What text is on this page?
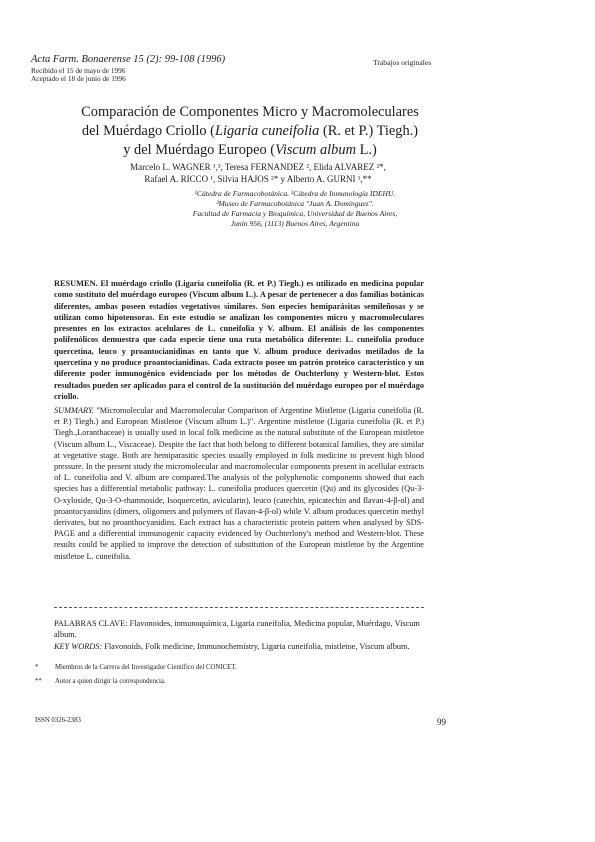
Acta Farm. Bonaerense 15 (2): 99-108 (1996)
Recibido el 15 de mayo de 1996
Aceptado el 18 de junio de 1996
Trabajos originales
Comparación de Componentes Micro y Macromoleculares
del Muérdago Criollo (Ligaria cuneifolia (R. et P.) Tiegh.)
y del Muérdago Europeo (Viscum album L.)
Marcelo L. WAGNER ¹,³, Teresa FERNANDEZ ², Elida ALVAREZ ²*,
Rafael A. RICCO ¹, Silvia HAJOS ²* y Alberto A. GURNI ¹,**
¹Cátedra de Farmacobotánica. ²Cátedra de Inmunología IDEHU.
³Museo de Farmacobotánica "Juan A. Domínguez".
Facultad de Farmacia y Bioquímica, Universidad de Buenos Aires,
Junín 956, (1113) Buenos Aires, Argentina

RESUMEN. El muérdago criollo (Ligaria cuneifolia (R. et P.) Tiegh.) es utilizado en medicina popular como sustituto del muérdago europeo (Viscum album L.). A pesar de pertenecer a dos familias botánicas diferentes, ambas poseen estadíos vegetativos similares. Son especies hemiparásitas semileñosas y se utilizan como hipotensoras. En este estudio se analizan los componentes micro y macromoleculares presentes en los extractos acelulares de L. cuneifolia y V. album. El análisis de los componentes polifenólicos demuestra que cada especie tiene una ruta metabólica diferente: L. cuneifolia produce quercetina, leuco y proantocianidinas en tanto que V. album produce derivados metilados de la quercetina y no produce proantocianidinas. Cada extracto posee un patrón proteico característico y un diferente poder inmunogénico evidenciado por los métodos de Ouchterlony y Western-blot. Estos resultados pueden ser aplicados para el control de la sustitución del muérdago europeo por el muérdago criollo.

SUMMARY. "Micromolecular and Macromolecular Comparison of Argentine Mistletoe (Ligaria cuneifolia (R. et P.) Tiegh.) and European Mistletoe (Viscum album L.)". Argentine mistletoe (Ligaria cuneifolia (R. et P.) Tiegh.,Loranthaceae) is usually used in local folk medicine as the natural substitute of the European mistletoe (Viscum album L., Viscaceae). Despite the fact that both belong to different botanical families, they are similar at vegetative stage. Both are hemiparasitic species usually employed in folk medicine to prevent high blood pressure. In the present study the micromolecular and macromolecular components present in acellular extracts of L. cuneifolia and V. album are compared.The analysis of the polyphenolic components showed that each species has a differential metabolic pathway: L. cuneifolia produces quercetin (Qu) and its glycosides (Qu-3-O-xyloside, Qu-3-O-rhamnoside, Isoquercetin, avicularin), leuco (catechin, epicatechin and flavan-4-β-ol) and proantocyanidins (dimers, oligomers and polymers of flavan-4-β-ol) while V. album produces quercetin methyl derivates, but no proanthocyanidins. Each extract has a characteristic protein pattern when analysed by SDS-PAGE and a differential immunogenic capacity evidenced by Ouchterlony's method and Western-blot. These results could be applied to improve the detection of substitution of the European mistletoe by the Argentine mistletoe L. cuneifolia.

PALABRAS CLAVE: Flavonoides, inmunoquímica, Ligaria cuneifolia, Medicina popular, Muérdago, Viscum album.

KEY WORDS: Flavonoids, Folk medicine, Immunochemistry, Ligaria cuneifolia, mistletoe, Viscum album.

* Miembros de la Carrera del Investigador Científico del CONICET.
** Autor a quien dirigir la correspondencia.
ISSN 0326-2383	99
